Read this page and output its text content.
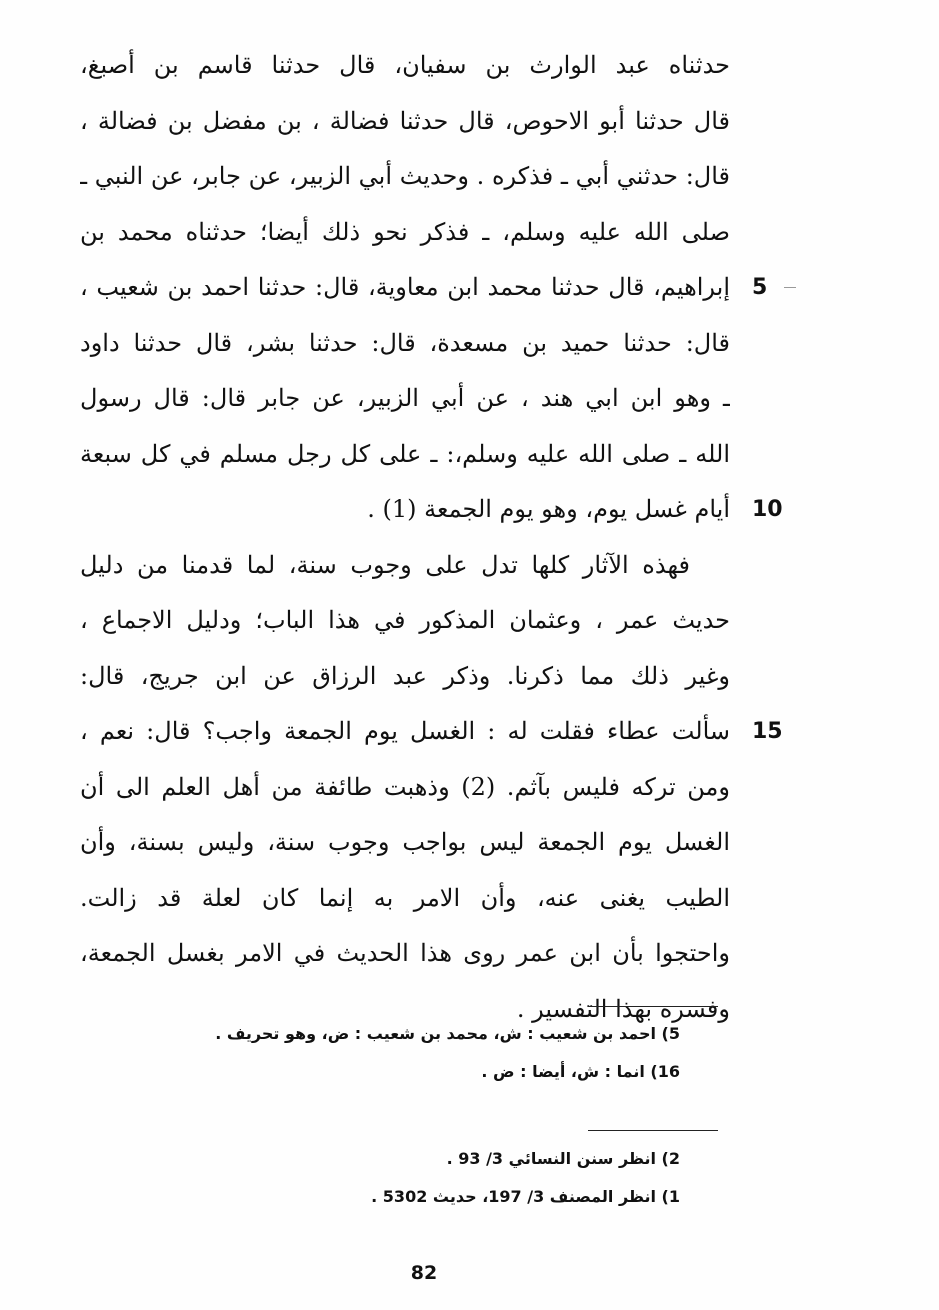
حدثناه عبد الوارث بن سفيان، قال حدثنا قاسم بن أصبغ،
قال حدثنا أبو الاحوص، قال حدثنا فضالة ، بن مفضل بن فضالة ،
قال: حدثني أبي ـ فذكره . وحديث أبي الزبير، عن جابر، عن النبي ـ
صلى الله عليه وسلم، ـ فذكر نحو ذلك أيضا؛ حدثناه محمد بن
إبراهيم، قال حدثنا محمد ابن معاوية، قال: حدثنا احمد بن شعيب ،
قال: حدثنا حميد بن مسعدة، قال: حدثنا بشر، قال حدثنا داود
ـ وهو ابن ابي هند ، عن أبي الزبير، عن جابر قال: قال رسول
الله ـ صلى الله عليه وسلم،: ـ على كل رجل مسلم في كل سبعة
أيام غسل يوم، وهو يوم الجمعة (1) .
فهذه الآثار كلها تدل على وجوب سنة، لما قدمنا من دليل
حديث عمر ، وعثمان المذكور في هذا الباب؛ ودليل الاجماع ،
وغير ذلك مما ذكرنا. وذكر عبد الرزاق عن ابن جريج، قال:
سألت عطاء فقلت له : الغسل يوم الجمعة واجب؟ قال: نعم ،
ومن تركه فليس بآثم. (2) وذهبت طائفة من أهل العلم الى أن
الغسل يوم الجمعة ليس بواجب وجوب سنة، وليس بسنة، وأن
الطيب يغنى عنه، وأن الامر به إنما كان لعلة قد زالت.
واحتجوا بأن ابن عمر روى هذا الحديث في الامر بغسل الجمعة،
وفسره بهذا التفسير .
5
10
15
5) احمد بن شعيب : ش، محمد بن شعيب : ض، وهو تحريف .
16) انما : ش، أيضا : ض .
2) انظر سنن النسائي 3/ 93 .
1) انظر المصنف 3/ 197، حديث 5302 .
82
